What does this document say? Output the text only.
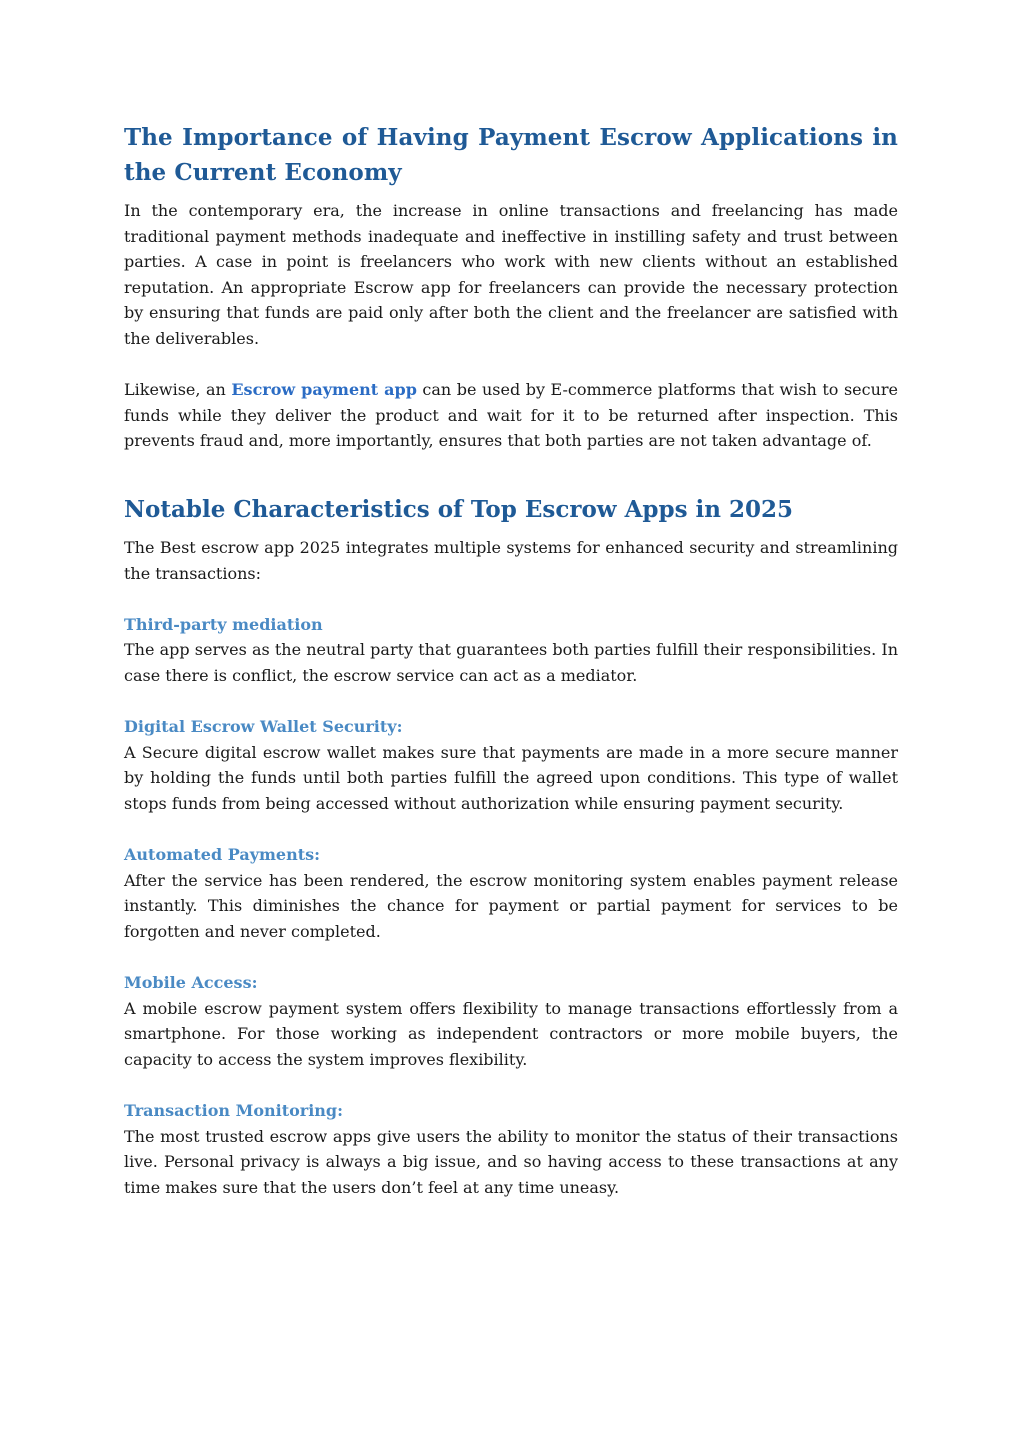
The Importance of Having Payment Escrow Applications in the Current Economy

In the contemporary era, the increase in online transactions and freelancing has made traditional payment methods inadequate and ineffective in instilling safety and trust between parties. A case in point is freelancers who work with new clients without an established reputation. An appropriate Escrow app for freelancers can provide the necessary protection by ensuring that funds are paid only after both the client and the freelancer are satisfied with the deliverables.

Likewise, an Escrow payment app can be used by E-commerce platforms that wish to secure funds while they deliver the product and wait for it to be returned after inspection. This prevents fraud and, more importantly, ensures that both parties are not taken advantage of.

Notable Characteristics of Top Escrow Apps in 2025

The Best escrow app 2025 integrates multiple systems for enhanced security and streamlining the transactions:

Third-party mediation

The app serves as the neutral party that guarantees both parties fulfill their responsibilities. In case there is conflict, the escrow service can act as a mediator.

Digital Escrow Wallet Security:

A Secure digital escrow wallet makes sure that payments are made in a more secure manner by holding the funds until both parties fulfill the agreed upon conditions. This type of wallet stops funds from being accessed without authorization while ensuring payment security.

Automated Payments:

After the service has been rendered, the escrow monitoring system enables payment release instantly. This diminishes the chance for payment or partial payment for services to be forgotten and never completed.

Mobile Access:

A mobile escrow payment system offers flexibility to manage transactions effortlessly from a smartphone. For those working as independent contractors or more mobile buyers, the capacity to access the system improves flexibility.

Transaction Monitoring:

The most trusted escrow apps give users the ability to monitor the status of their transactions live. Personal privacy is always a big issue, and so having access to these transactions at any time makes sure that the users don’t feel at any time uneasy.
